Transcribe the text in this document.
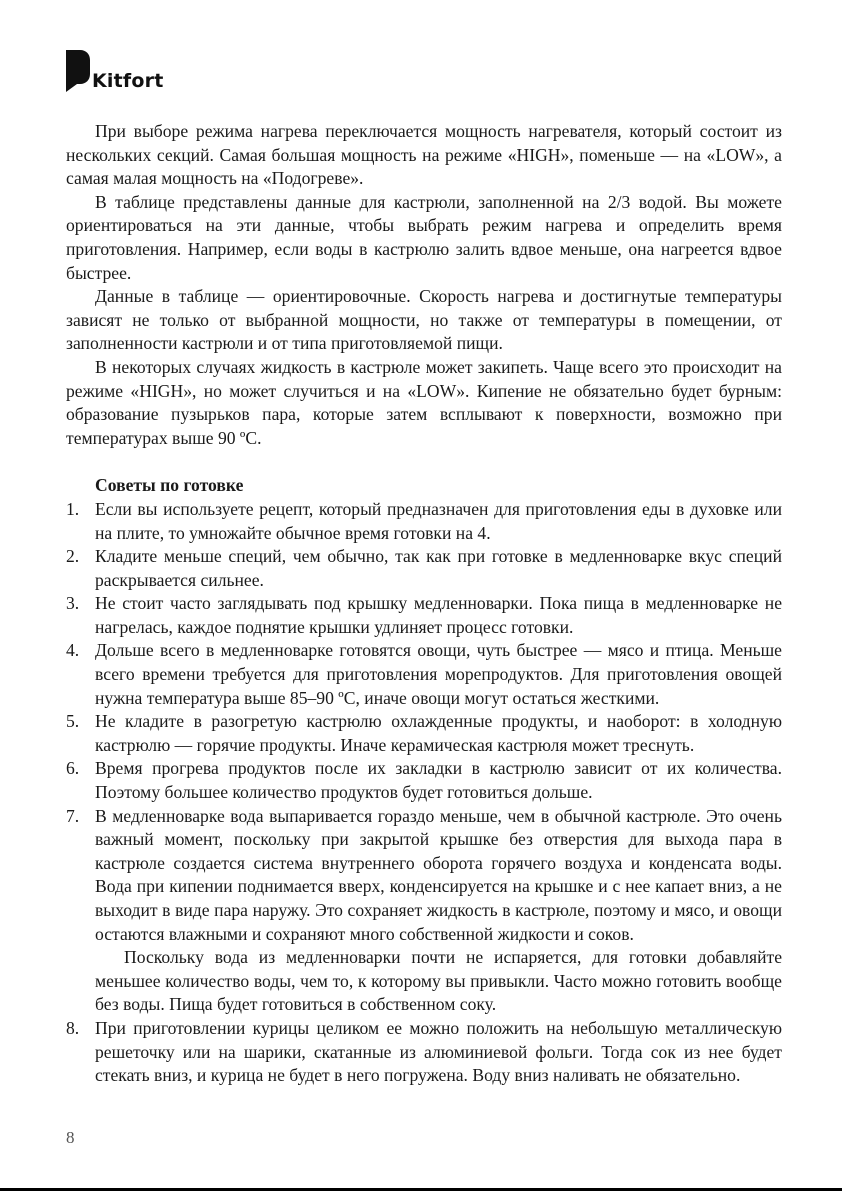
Kitfort

При выборе режима нагрева переключается мощность нагревателя, который состоит из нескольких секций. Самая большая мощность на режиме «HIGH», поменьше — на «LOW», а самая малая мощность на «Подогреве».

В таблице представлены данные для кастрюли, заполненной на 2/3 водой. Вы можете ориентироваться на эти данные, чтобы выбрать режим нагрева и определить время приготовления. Например, если воды в кастрюлю залить вдвое меньше, она нагреется вдвое быстрее.

Данные в таблице — ориентировочные. Скорость нагрева и достигнутые температуры зависят не только от выбранной мощности, но также от температуры в помещении, от заполненности кастрюли и от типа приготовляемой пищи.

В некоторых случаях жидкость в кастрюле может закипеть. Чаще всего это происходит на режиме «HIGH», но может случиться и на «LOW». Кипение не обязательно будет бурным: образование пузырьков пара, которые затем всплывают к поверхности, возможно при температурах выше 90 ºС.

Советы по готовке
1. Если вы используете рецепт, который предназначен для приготовления еды в духовке или на плите, то умножайте обычное время готовки на 4.
2. Кладите меньше специй, чем обычно, так как при готовке в медленноварке вкус специй раскрывается сильнее.
3. Не стоит часто заглядывать под крышку медленноварки. Пока пища в медленноварке не нагрелась, каждое поднятие крышки удлиняет процесс готовки.
4. Дольше всего в медленноварке готовятся овощи, чуть быстрее — мясо и птица. Меньше всего времени требуется для приготовления морепродуктов. Для приготовления овощей нужна температура выше 85–90 ºС, иначе овощи могут остаться жесткими.
5. Не кладите в разогретую кастрюлю охлажденные продукты, и наоборот: в холодную кастрюлю — горячие продукты. Иначе керамическая кастрюля может треснуть.
6. Время прогрева продуктов после их закладки в кастрюлю зависит от их количества. Поэтому большее количество продуктов будет готовиться дольше.
7. В медленноварке вода выпаривается гораздо меньше, чем в обычной кастрюле. Это очень важный момент, поскольку при закрытой крышке без отверстия для выхода пара в кастрюле создается система внутреннего оборота горячего воздуха и конденсата воды. Вода при кипении поднимается вверх, конденсируется на крышке и с нее капает вниз, а не выходит в виде пара наружу. Это сохраняет жидкость в кастрюле, поэтому и мясо, и овощи остаются влажными и сохраняют много собственной жидкости и соков.

Поскольку вода из медленноварки почти не испаряется, для готовки добавляйте меньшее количество воды, чем то, к которому вы привыкли. Часто можно готовить вообще без воды. Пища будет готовиться в собственном соку.

8. При приготовлении курицы целиком ее можно положить на небольшую металлическую решеточку или на шарики, скатанные из алюминиевой фольги. Тогда сок из нее будет стекать вниз, и курица не будет в него погружена. Воду вниз наливать не обязательно.
8
